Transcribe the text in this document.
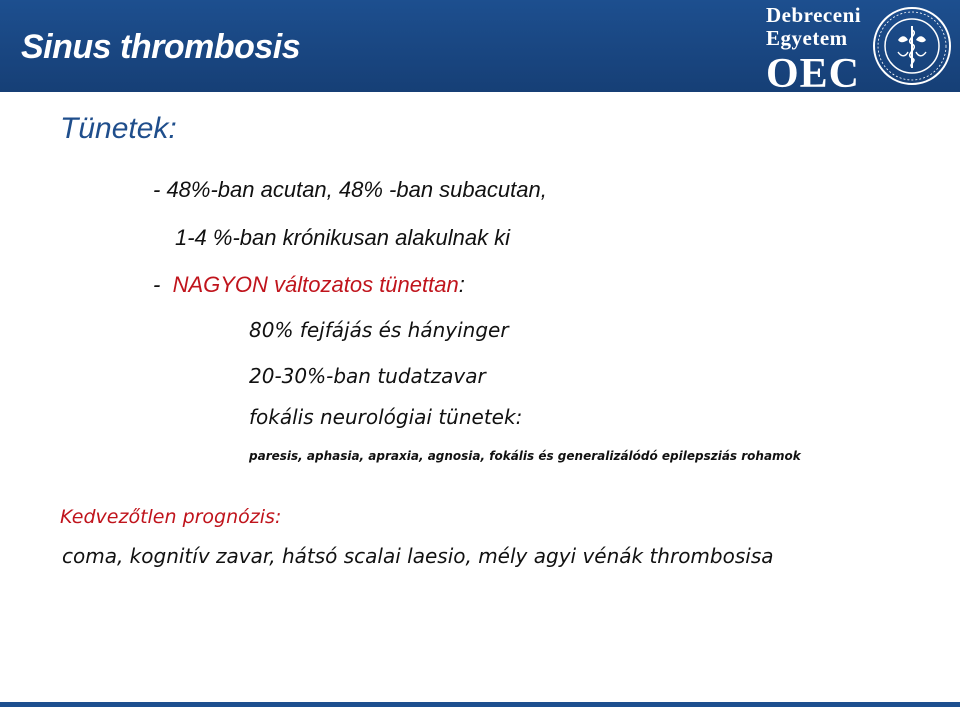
Sinus thrombosis
Debreceni
Egyetem
OEC
Tünetek:
- 48%-ban acutan, 48% -ban subacutan,
1-4 %-ban krónikusan alakulnak ki
-  NAGYON változatos tünettan:
80% fejfájás és hányinger
20-30%-ban tudatzavar
fokális neurológiai tünetek:
paresis, aphasia, apraxia, agnosia, fokális és generalizálódó epilepsziás rohamok
Kedvezőtlen prognózis:
coma, kognitív zavar, hátsó scalai laesio, mély agyi vénák thrombosisa
